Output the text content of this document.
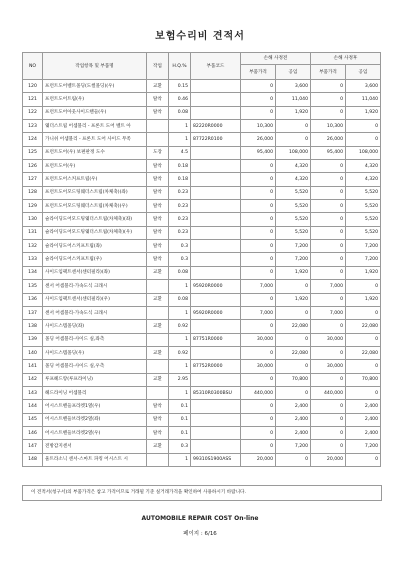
보험수리비 견적서
NO	작업항목 및 부품명	작업	H.Q.%	부품코드	손해 사정전		손해 사정후	
					부품가격	공임	부품가격	공임
120	프런트도어벨트몰딩(도썰몰딩)(우)	교환	0.15		0	3,600	0	3,600
121	프런트도어트림(우)	탈착	0.46		0	11,040	0	11,040
122	프런트도어아웃사이드핸들(우)	탈착	0.08		0	1,920	0	1,920
123	웨더스트립 어셈블리 - 프론트 도어 벨트 아		1	82220R0000	10,300	0	10,300	0
124	가니쉬 어셈블리 - 프론트 도어 사이드 무족		1	87722R0100	26,000	0	26,000	0
125	프런트도어(우) 보편판정 도수	도장	4.5		95,400	108,000	95,400	108,000
126	프런트도어(우)	탈착	0.18		0	4,320	0	4,320
127	프런트도어스커프트립(우)	탈착	0.18		0	4,320	0	4,320
128	프런트도어모드팅웨더스트립(차체축)(좌)	탈착	0.23		0	5,520	0	5,520
129	프런트도어모드팅웨더스트립(차체축)(우)	탈착	0.23		0	5,520	0	5,520
130	슬라이딩도어모드팅웨더스트립(차체축)(좌)	탈착	0.23		0	5,520	0	5,520
131	슬라이딩도어모드팅웨더스트립(차체축)(우)	탈착	0.23		0	5,520	0	5,520
132	슬라이딩도어스커프트립(좌)	탈착	0.3		0	7,200	0	7,200
133	슬라이딩도어스커프트립(우)	탈착	0.3		0	7,200	0	7,200
134	사이드임팩트센서(센터필라)(좌)	교환	0.08		0	1,920	0	1,920
135	센서 어셈블리-가속도식 크래시		1	95920R0000	7,000	0	7,000	0
136	사이드임팩트센서(센터필라)(우)	교환	0.08		0	1,920	0	1,920
137	센서 어셈블리-가속도식 크래시		1	95920R0000	7,000	0	7,000	0
138	사이드스텝몰딩(좌)	교환	0.92		0	22,080	0	22,080
139	몰딩 어셈블리-사이드 실,좌측		1	87751R0000	30,000	0	30,000	0
140	사이드스텝몰딩(우)	교환	0.92		0	22,080	0	22,080
141	몰딩 어셈블리-사이드 실,우측		1	87752R0000	30,000	0	30,000	0
142	루프헤드랑(루프라이닝)	교환	2.95		0	70,800	0	70,800
143	헤드라이닝 어셈블리		1	85310R0300BSU	440,000	0	440,000	0
144	어시스트핸들프라켓1열(우)	탈착	0.1		0	2,400	0	2,400
145	어시스트핸들브라켓2열(좌)	탈착	0.1		0	2,400	0	2,400
146	어시스트핸들브라켓2열(우)	탈착	0.1		0	2,400	0	2,400
147	전방감지센서	교환	0.3		0	7,200	0	7,200
148	울트라소닉 센서-스마트 파킹 어시스트 시		1	99310S1900ASS	20,000	0	20,000	0
이 견적서(청구서)의 부품가격은 참고 가격이므로 거래될 기준 실거래가격을 확인하여 사용하시기 바랍니다.
AUTOMOBILE REPAIR COST On-line
페이지 : 6/16
